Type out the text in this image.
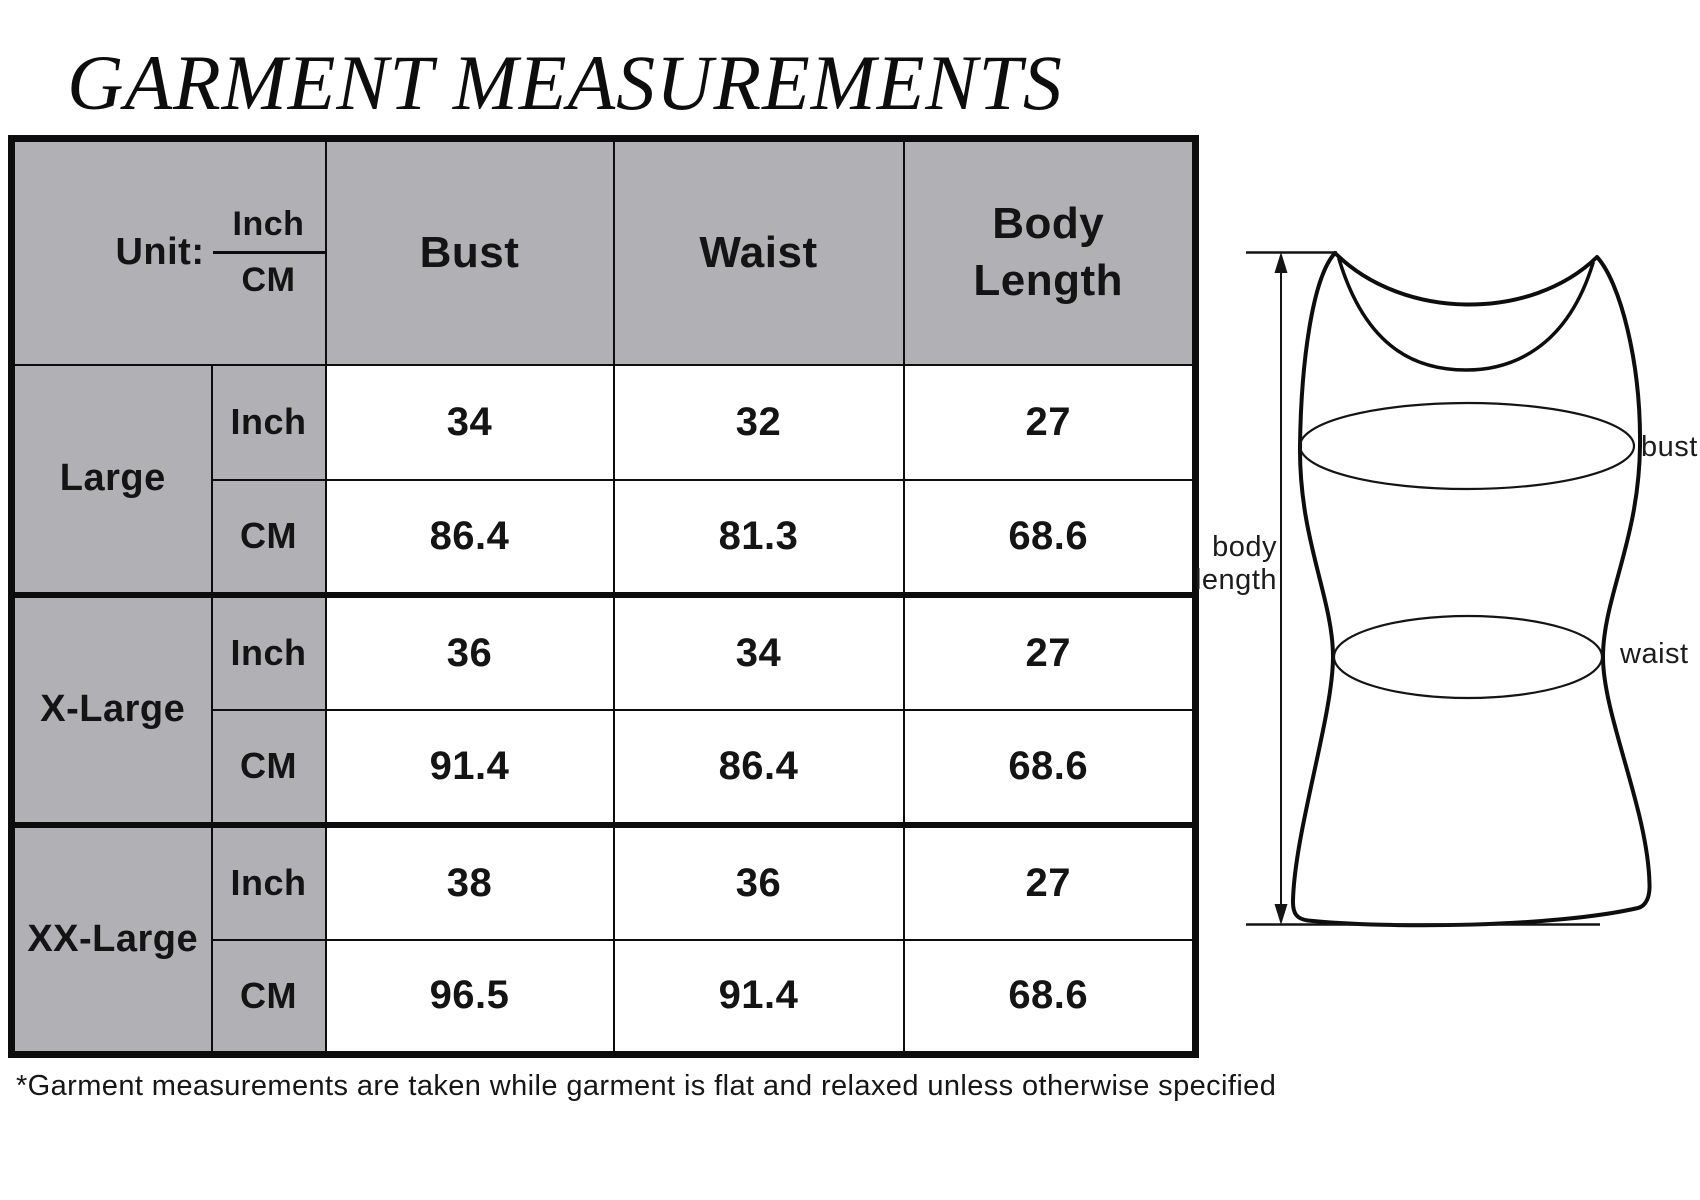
GARMENT MEASUREMENTS
Unit: $\frac{\text{Inch}}{CM}$		Bust	Waist	Body Length

Large	Inch	34	32	27
	CM	86.4	81.3	68.6
X-Large	Inch	36	34	27
	CM	91.4	86.4	68.6
XX-Large	Inch	38	36	27
	CM	96.5	91.4	68.6
*Garment measurements are taken while garment is flat and relaxed unless otherwise specified
bust
waist
body
length
